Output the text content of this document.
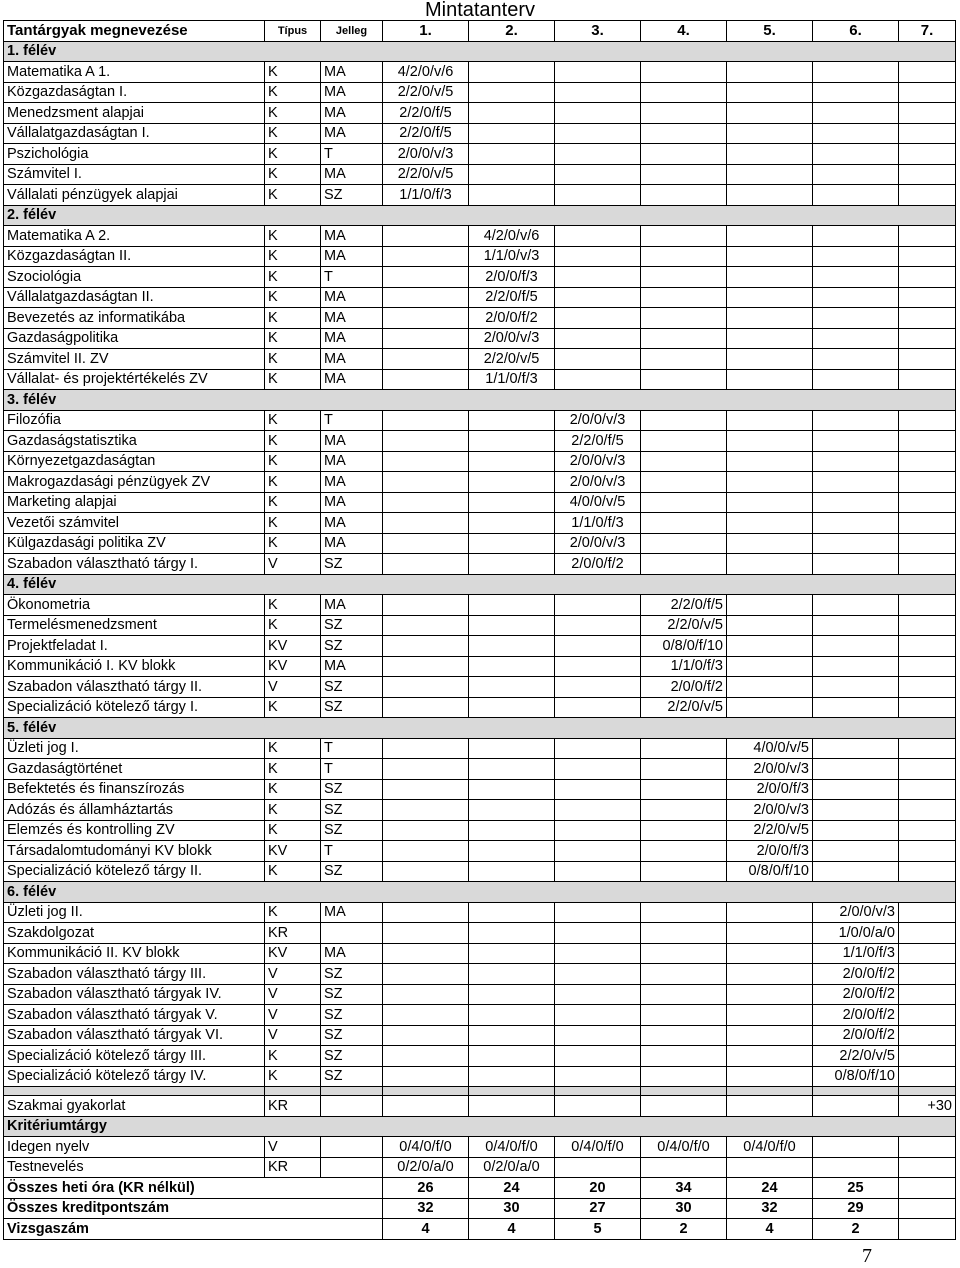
Mintatanterv
Tantárgyak megnevezése	Típus	Jelleg	1.	2.	3.	4.	5.	6.	7.
1. félév									
Matematika A 1.	K	MA	4/2/0/v/6						
Közgazdaságtan I.	K	MA	2/2/0/v/5						
Menedzsment alapjai	K	MA	2/2/0/f/5						
Vállalatgazdaságtan I.	K	MA	2/2/0/f/5						
Pszichológia	K	T	2/0/0/v/3						
Számvitel I.	K	MA	2/2/0/v/5						
Vállalati pénzügyek alapjai	K	SZ	1/1/0/f/3						
2. félév									
Matematika A 2.	K	MA		4/2/0/v/6					
Közgazdaságtan II.	K	MA		1/1/0/v/3					
Szociológia	K	T		2/0/0/f/3					
Vállalatgazdaságtan II.	K	MA		2/2/0/f/5					
Bevezetés az informatikába	K	MA		2/0/0/f/2					
Gazdaságpolitika	K	MA		2/0/0/v/3					
Számvitel II. ZV	K	MA		2/2/0/v/5					
Vállalat- és projektértékelés ZV	K	MA		1/1/0/f/3					
3. félév									
Filozófia	K	T			2/0/0/v/3				
Gazdaságstatisztika	K	MA			2/2/0/f/5				
Környezetgazdaságtan	K	MA			2/0/0/v/3				
Makrogazdasági pénzügyek ZV	K	MA			2/0/0/v/3				
Marketing alapjai	K	MA			4/0/0/v/5				
Vezetői számvitel	K	MA			1/1/0/f/3				
Külgazdasági politika ZV	K	MA			2/0/0/v/3				
Szabadon választható tárgy I.	V	SZ			2/0/0/f/2				
4. félév									
Ökonometria	K	MA				2/2/0/f/5			
Termelésmenedzsment	K	SZ				2/2/0/v/5			
Projektfeladat I.	KV	SZ				0/8/0/f/10			
Kommunikáció I. KV blokk	KV	MA				1/1/0/f/3			
Szabadon választható tárgy II.	V	SZ				2/0/0/f/2			
Specializáció kötelező tárgy I.	K	SZ				2/2/0/v/5			
5. félév									
Üzleti jog I.	K	T					4/0/0/v/5		
Gazdaságtörténet	K	T					2/0/0/v/3		
Befektetés és finanszírozás	K	SZ					2/0/0/f/3		
Adózás és államháztartás	K	SZ					2/0/0/v/3		
Elemzés és kontrolling ZV	K	SZ					2/2/0/v/5		
Társadalomtudományi KV blokk	KV	T					2/0/0/f/3		
Specializáció kötelező tárgy II.	K	SZ					0/8/0/f/10		
6. félév									
Üzleti jog II.	K	MA						2/0/0/v/3	
Szakdolgozat	KR							1/0/0/a/0	
Kommunikáció II. KV blokk	KV	MA						1/1/0/f/3	
Szabadon választható tárgy III.	V	SZ						2/0/0/f/2	
Szabadon választható tárgyak IV.	V	SZ						2/0/0/f/2	
Szabadon választható tárgyak V.	V	SZ						2/0/0/f/2	
Szabadon választható tárgyak VI.	V	SZ						2/0/0/f/2	
Specializáció kötelező tárgy III.	K	SZ						2/2/0/v/5	
Specializáció kötelező tárgy IV.	K	SZ						0/8/0/f/10	

Szakmai gyakorlat	KR								+30
Kritériumtárgy									
Idegen nyelv	V		0/4/0/f/0	0/4/0/f/0	0/4/0/f/0	0/4/0/f/0	0/4/0/f/0		
Testnevelés	KR		0/2/0/a/0	0/2/0/a/0					
Összes heti óra (KR nélkül)			26	24	20	34	24	25	
Összes kreditpontszám			32	30	27	30	32	29	
Vizsgaszám			4	4	5	2	4	2	
7
